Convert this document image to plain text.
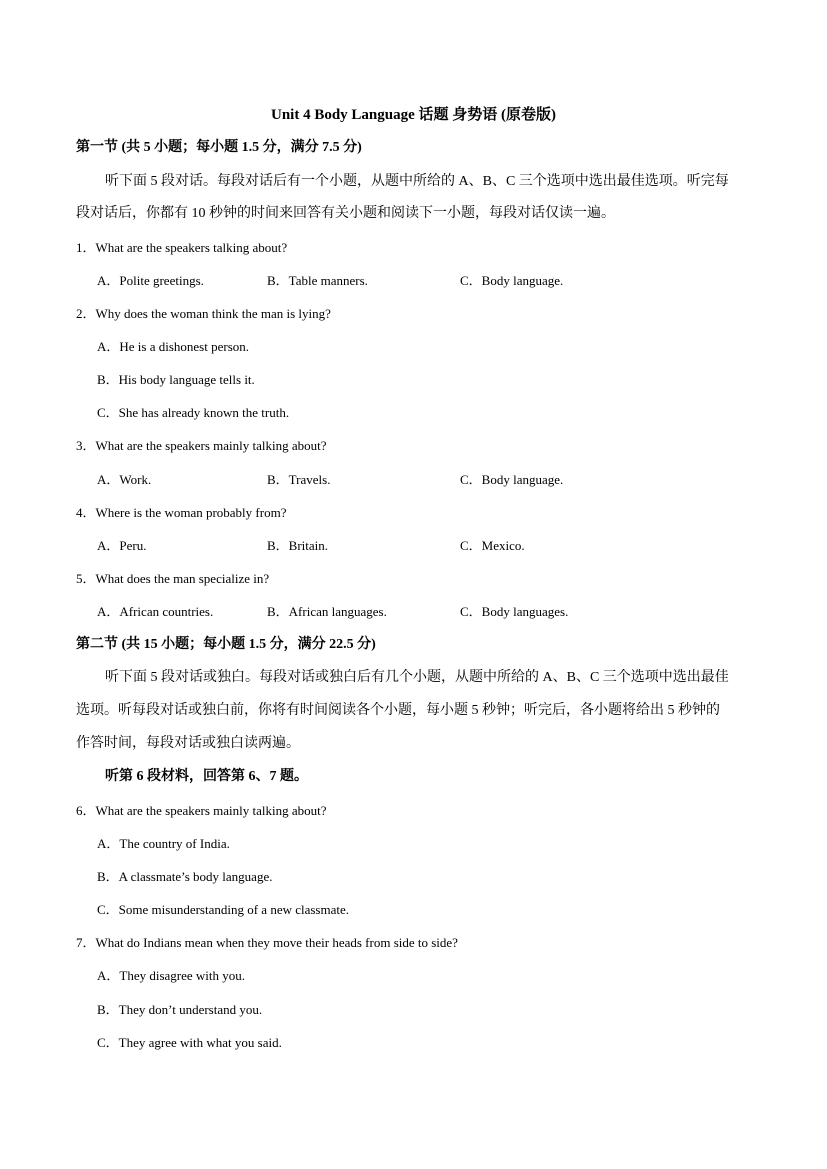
Unit 4 Body Language 话题 身势语 (原卷版)
第一节 (共 5 小题；每小题 1.5 分，满分 7.5 分)
听下面 5 段对话。每段对话后有一个小题，从题中所给的 A、B、C 三个选项中选出最佳选项。听完每
段对话后，你都有 10 秒钟的时间来回答有关小题和阅读下一小题，每段对话仅读一遍。
1．What are the speakers talking about?
A．Polite greetings.	B．Table manners.	C．Body language.
2．Why does the woman think the man is lying?
A．He is a dishonest person.
B．His body language tells it.
C．She has already known the truth.
3．What are the speakers mainly talking about?
A．Work.	B．Travels.	C．Body language.
4．Where is the woman probably from?
A．Peru.	B．Britain.	C．Mexico.
5．What does the man specialize in?
A．African countries.	B．African languages.	C．Body languages.
第二节 (共 15 小题；每小题 1.5 分，满分 22.5 分)
听下面 5 段对话或独白。每段对话或独白后有几个小题，从题中所给的 A、B、C 三个选项中选出最佳
选项。听每段对话或独白前，你将有时间阅读各个小题，每小题 5 秒钟；听完后，各小题将给出 5 秒钟的
作答时间，每段对话或独白读两遍。
听第 6 段材料，回答第 6、7 题。
6．What are the speakers mainly talking about?
A．The country of India.
B．A classmate’s body language.
C．Some misunderstanding of a new classmate.
7．What do Indians mean when they move their heads from side to side?
A．They disagree with you.
B．They don’t understand you.
C．They agree with what you said.
